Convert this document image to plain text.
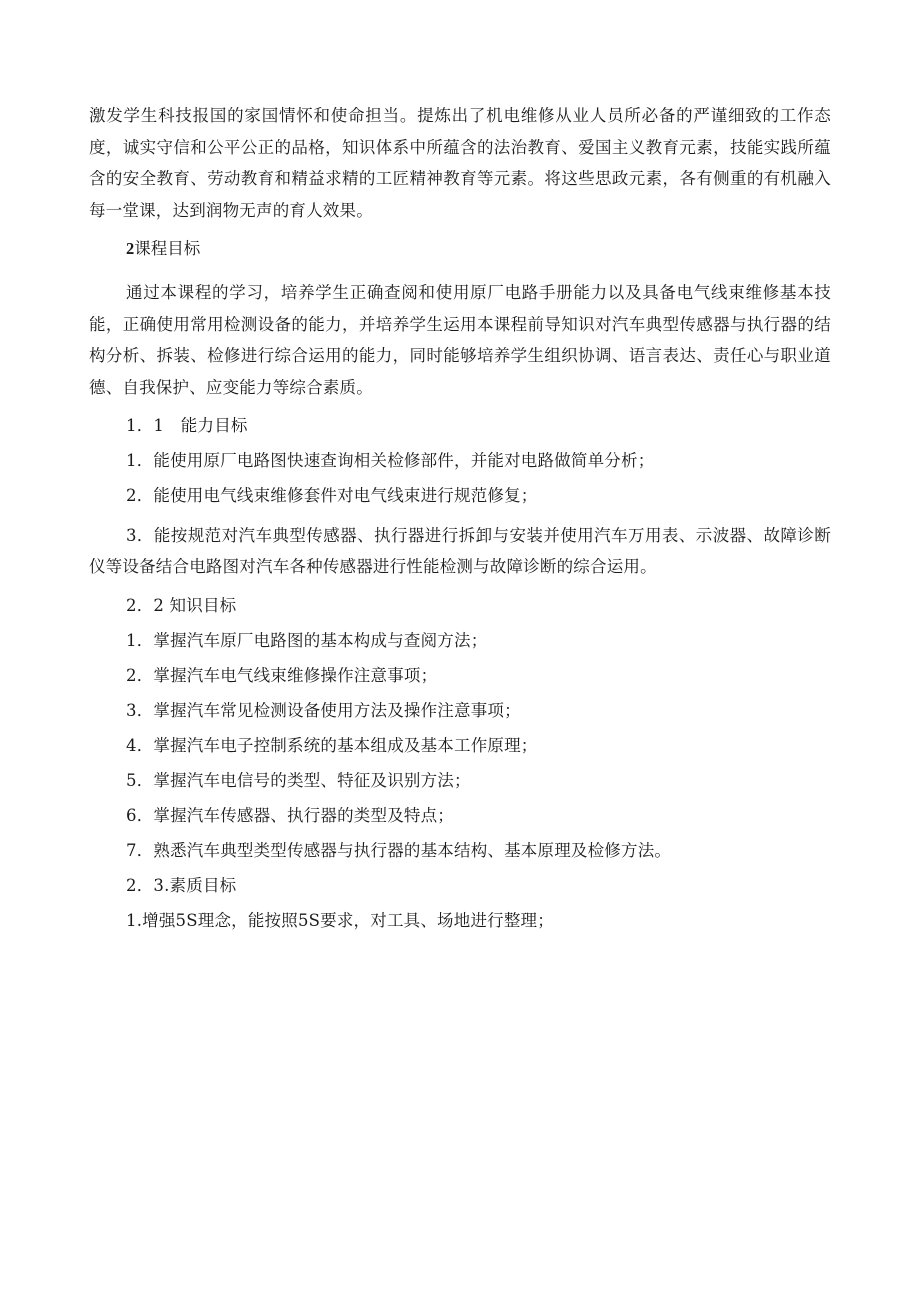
激发学生科技报国的家国情怀和使命担当。提炼出了机电维修从业人员所必备的严谨细致的工作态度，诚实守信和公平公正的品格，知识体系中所蕴含的法治教育、爱国主义教育元素，技能实践所蕴含的安全教育、劳动教育和精益求精的工匠精神教育等元素。将这些思政元素，各有侧重的有机融入每一堂课，达到润物无声的育人效果。

2课程目标

通过本课程的学习，培养学生正确查阅和使用原厂电路手册能力以及具备电气线束维修基本技能，正确使用常用检测设备的能力，并培养学生运用本课程前导知识对汽车典型传感器与执行器的结构分析、拆装、检修进行综合运用的能力，同时能够培养学生组织协调、语言表达、责任心与职业道德、自我保护、应变能力等综合素质。

1．1　能力目标
1．能使用原厂电路图快速查询相关检修部件，并能对电路做简单分析；
2．能使用电气线束维修套件对电气线束进行规范修复；
3．能按规范对汽车典型传感器、执行器进行拆卸与安装并使用汽车万用表、示波器、故障诊断仪等设备结合电路图对汽车各种传感器进行性能检测与故障诊断的综合运用。
2．2 知识目标
1．掌握汽车原厂电路图的基本构成与查阅方法；
2．掌握汽车电气线束维修操作注意事项；
3．掌握汽车常见检测设备使用方法及操作注意事项；
4．掌握汽车电子控制系统的基本组成及基本工作原理；
5．掌握汽车电信号的类型、特征及识别方法；
6．掌握汽车传感器、执行器的类型及特点；
7．熟悉汽车典型类型传感器与执行器的基本结构、基本原理及检修方法。
2．3.素质目标
1.增强5S理念，能按照5S要求，对工具、场地进行整理；
